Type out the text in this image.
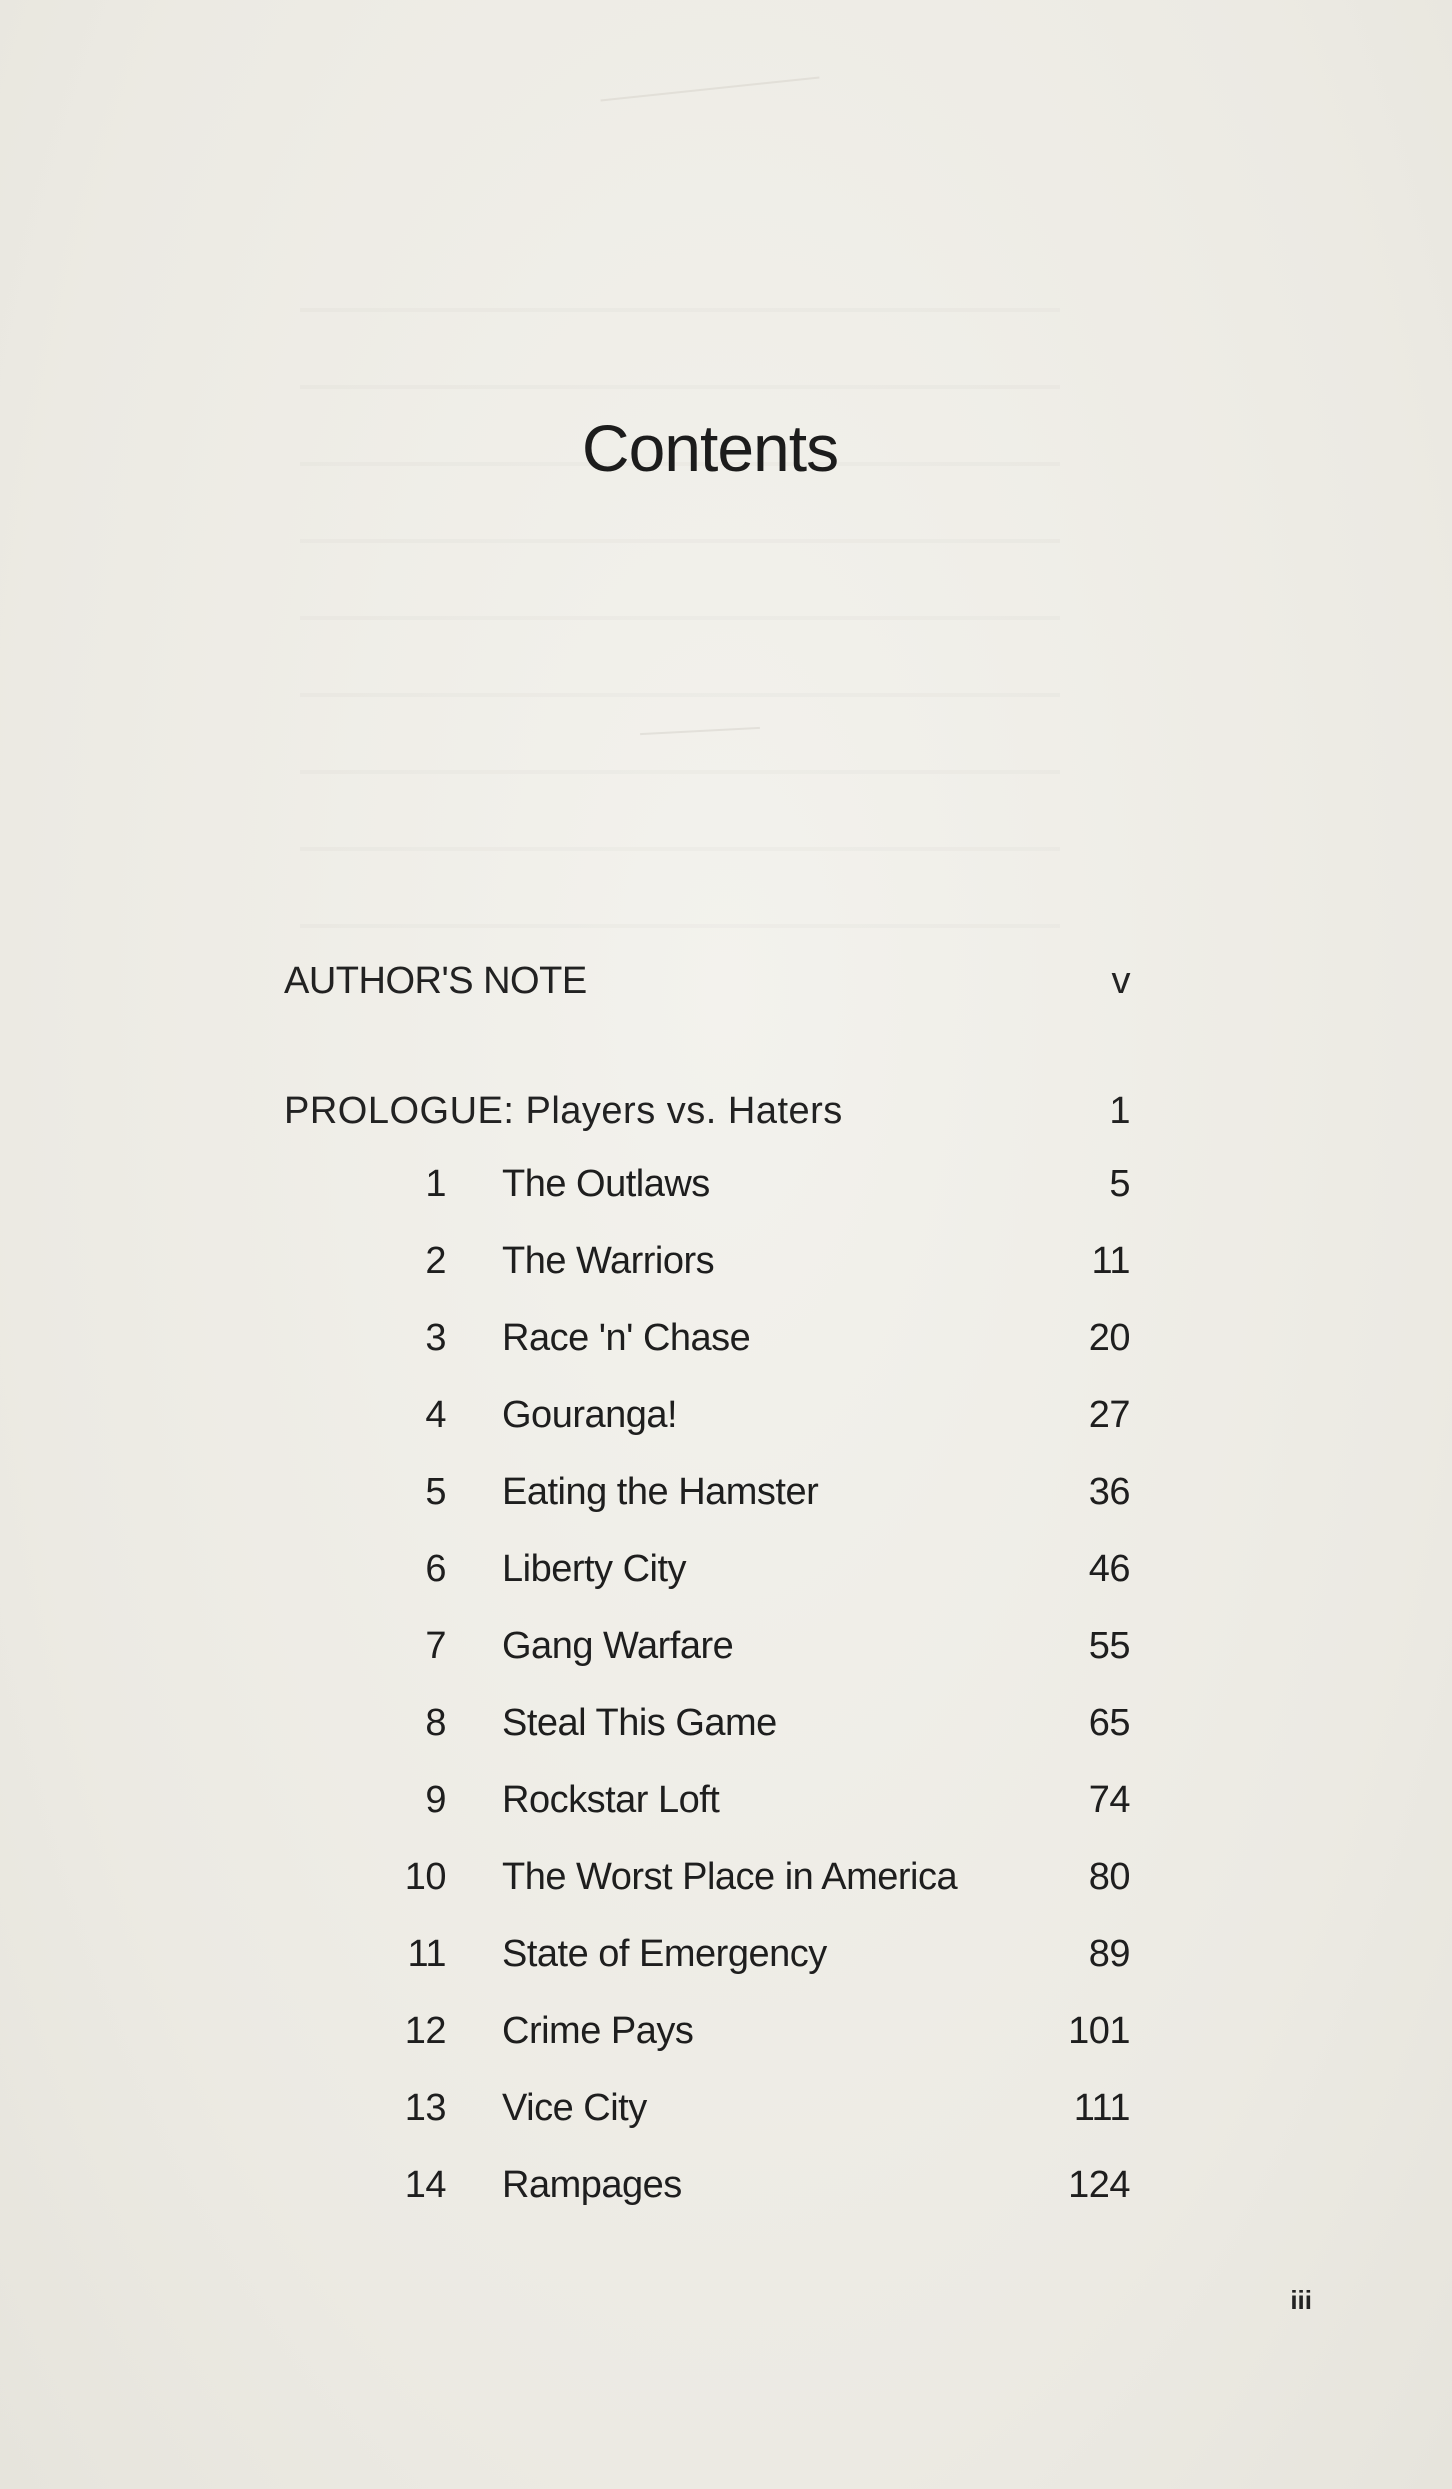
Contents
AUTHOR'S NOTE	v
PROLOGUE: Players vs. Haters	1
1 The Outlaws	5
2 The Warriors	11
3 Race 'n' Chase	20
4 Gouranga!	27
5 Eating the Hamster	36
6 Liberty City	46
7 Gang Warfare	55
8 Steal This Game	65
9 Rockstar Loft	74
10 The Worst Place in America	80
11 State of Emergency	89
12 Crime Pays	101
13 Vice City	111
14 Rampages	124
iii
